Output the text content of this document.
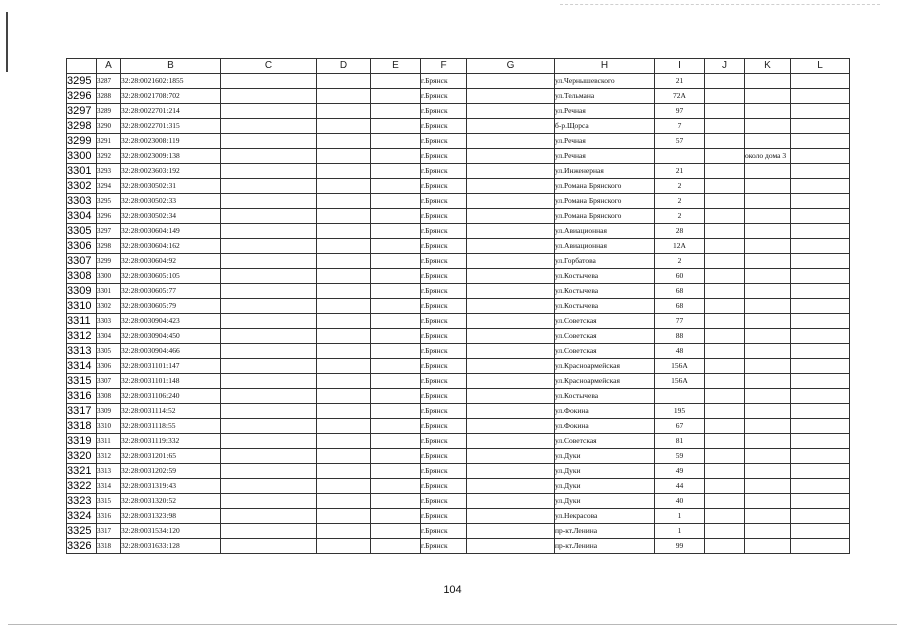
	A	B	C	D	E	F	G	H	I	J	K	L
3295	3287	32:28:0021602:1855				г.Брянск		ул.Чернышевского	21			
3296	3288	32:28:0021708:702				г.Брянск		ул.Тельмана	72А			
3297	3289	32:28:0022701:214				г.Брянск		ул.Речная	97			
3298	3290	32:28:0022701:315				г.Брянск		б-р.Щорса	7			
3299	3291	32:28:0023008:119				г.Брянск		ул.Речная	57			
3300	3292	32:28:0023009:138				г.Брянск		ул.Речная			около дома 3	
3301	3293	32:28:0023603:192				г.Брянск		ул.Инженерная	21			
3302	3294	32:28:0030502:31				г.Брянск		ул.Романа Брянского	2			
3303	3295	32:28:0030502:33				г.Брянск		ул.Романа Брянского	2			
3304	3296	32:28:0030502:34				г.Брянск		ул.Романа Брянского	2			
3305	3297	32:28:0030604:149				г.Брянск		ул.Авиационная	28			
3306	3298	32:28:0030604:162				г.Брянск		ул.Авиационная	12А			
3307	3299	32:28:0030604:92				г.Брянск		ул.Горбатова	2			
3308	3300	32:28:0030605:105				г.Брянск		ул.Костычева	60			
3309	3301	32:28:0030605:77				г.Брянск		ул.Костычева	68			
3310	3302	32:28:0030605:79				г.Брянск		ул.Костычева	68			
3311	3303	32:28:0030904:423				г.Брянск		ул.Советская	77			
3312	3304	32:28:0030904:450				г.Брянск		ул.Советская	88			
3313	3305	32:28:0030904:466				г.Брянск		ул.Советская	48			
3314	3306	32:28:0031101:147				г.Брянск		ул.Красноармейская	156А			
3315	3307	32:28:0031101:148				г.Брянск		ул.Красноармейская	156А			
3316	3308	32:28:0031106:240				г.Брянск		ул.Костычева				
3317	3309	32:28:0031114:52				г.Брянск		ул.Фокина	195			
3318	3310	32:28:0031118:55				г.Брянск		ул.Фокина	67			
3319	3311	32:28:0031119:332				г.Брянск		ул.Советская	81			
3320	3312	32:28:0031201:65				г.Брянск		ул.Дуки	59			
3321	3313	32:28:0031202:59				г.Брянск		ул.Дуки	49			
3322	3314	32:28:0031319:43				г.Брянск		ул.Дуки	44			
3323	3315	32:28:0031320:52				г.Брянск		ул.Дуки	40			
3324	3316	32:28:0031323:98				г.Брянск		ул.Некрасова	1			
3325	3317	32:28:0031534:120				г.Брянск		пр-кт.Ленина	1			
3326	3318	32:28:0031633:128				г.Брянск		пр-кт.Ленина	99			
104
